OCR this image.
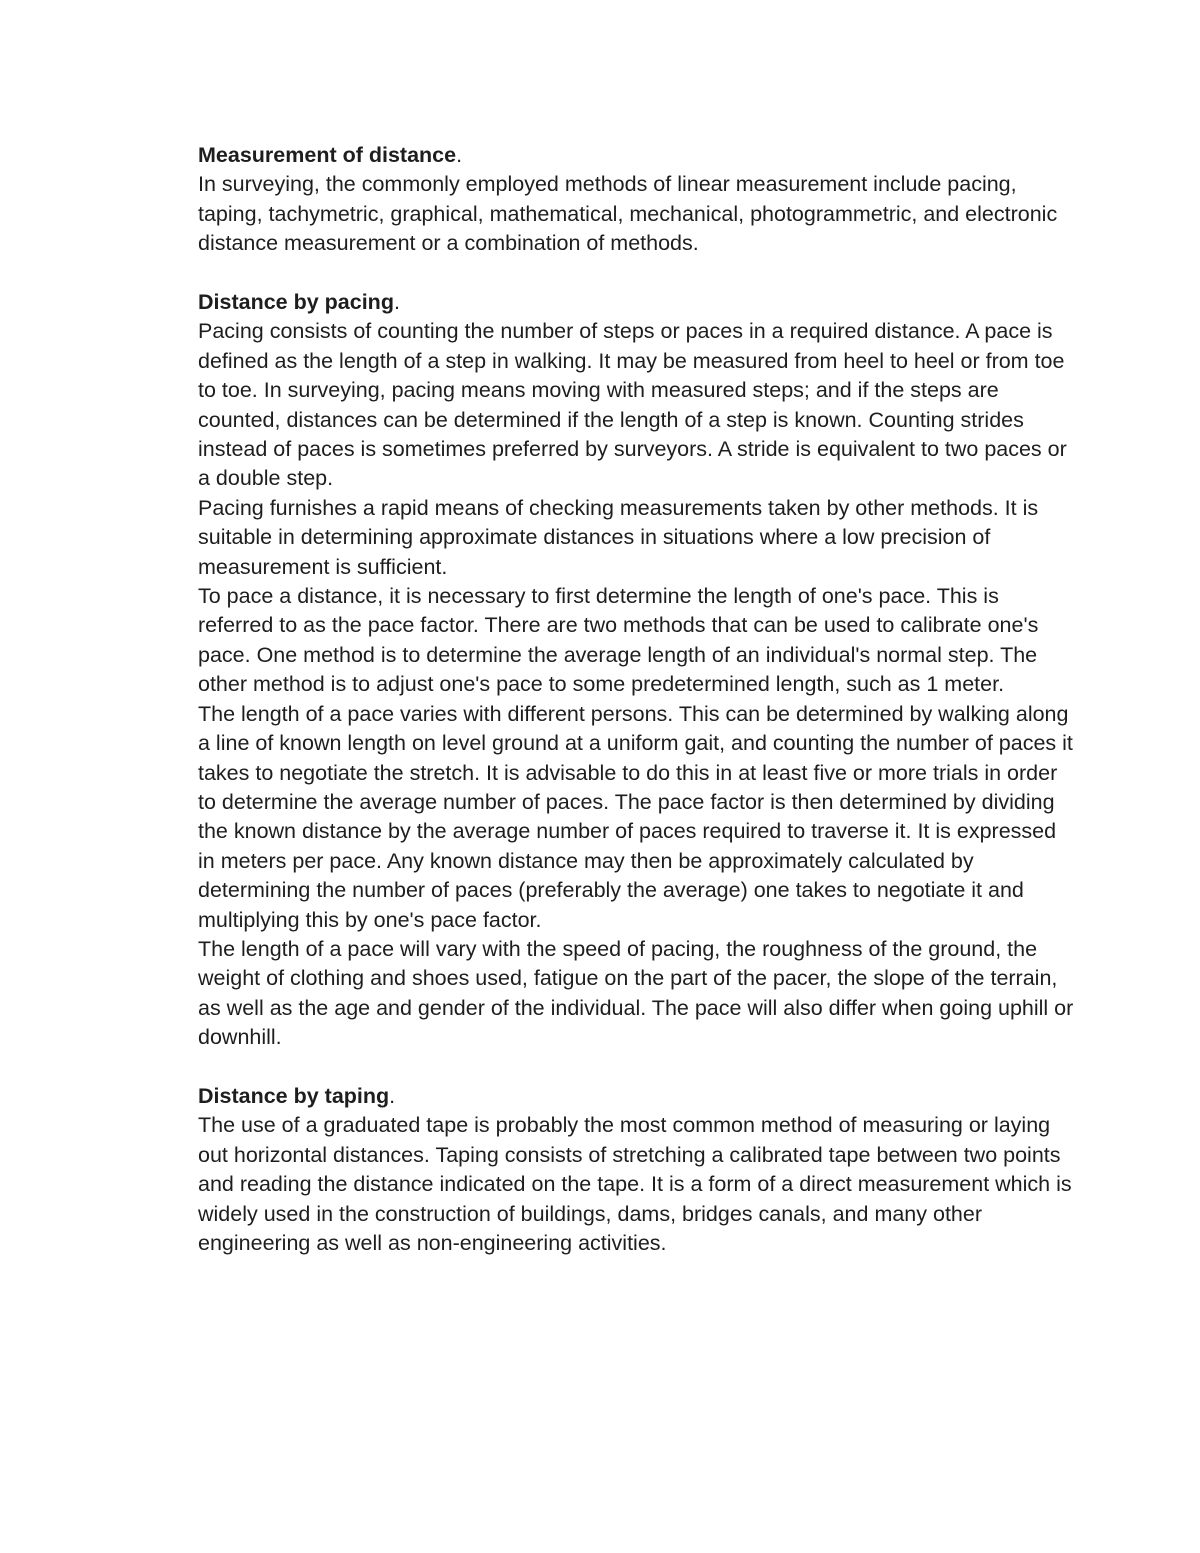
Measurement of distance.

In surveying, the commonly employed methods of linear measurement include pacing, taping, tachymetric, graphical, mathematical, mechanical, photogrammetric, and electronic distance measurement or a combination of methods.

Distance by pacing.

Pacing consists of counting the number of steps or paces in a required distance. A pace is defined as the length of a step in walking. It may be measured from heel to heel or from toe to toe. In surveying, pacing means moving with measured steps; and if the steps are counted, distances can be determined if the length of a step is known. Counting strides instead of paces is sometimes preferred by surveyors. A stride is equivalent to two paces or a double step.

Pacing furnishes a rapid means of checking measurements taken by other methods. It is suitable in determining approximate distances in situations where a low precision of measurement is sufficient.

To pace a distance, it is necessary to first determine the length of one's pace. This is referred to as the pace factor. There are two methods that can be used to calibrate one's pace. One method is to determine the average length of an individual's normal step. The other method is to adjust one's pace to some predetermined length, such as 1 meter.

The length of a pace varies with different persons. This can be determined by walking along a line of known length on level ground at a uniform gait, and counting the number of paces it takes to negotiate the stretch. It is advisable to do this in at least five or more trials in order to determine the average number of paces. The pace factor is then determined by dividing the known distance by the average number of paces required to traverse it. It is expressed in meters per pace. Any known distance may then be approximately calculated by determining the number of paces (preferably the average) one takes to negotiate it and multiplying this by one's pace factor.

The length of a pace will vary with the speed of pacing, the roughness of the ground, the weight of clothing and shoes used, fatigue on the part of the pacer, the slope of the terrain, as well as the age and gender of the individual. The pace will also differ when going uphill or downhill.

Distance by taping.

The use of a graduated tape is probably the most common method of measuring or laying out horizontal distances. Taping consists of stretching a calibrated tape between two points and reading the distance indicated on the tape. It is a form of a direct measurement which is widely used in the construction of buildings, dams, bridges canals, and many other engineering as well as non-engineering activities.
